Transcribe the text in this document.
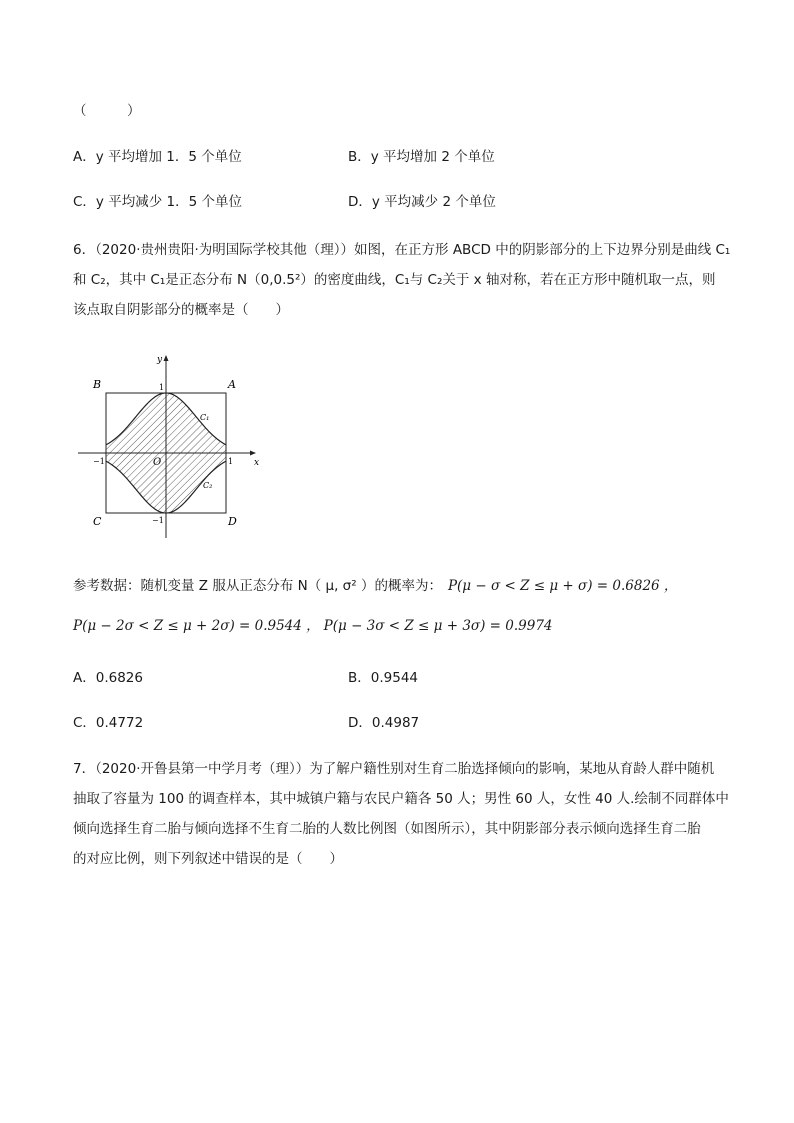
（　　　）
A．y 平均增加 1．5 个单位	B．y 平均增加 2 个单位
C．y 平均减少 1．5 个单位	D．y 平均减少 2 个单位
6．（2020·贵州贵阳·为明国际学校其他（理））如图，在正方形 ABCD 中的阴影部分的上下边界分别是曲线 C₁
和 C₂，其中 C₁是正态分布 N（0,0.5²）的密度曲线，C₁与 C₂关于 x 轴对称，若在正方形中随机取一点，则
该点取自阴影部分的概率是（　　）
y
x
B	A
C	D
O
C₁
C₂
1
−1
−1	1
参考数据：随机变量 Z 服从正态分布 N（ μ, σ² ）的概率为： P(μ − σ < Z ≤ μ + σ) = 0.6826 ，
P(μ − 2σ < Z ≤ μ + 2σ) = 0.9544 ， P(μ − 3σ < Z ≤ μ + 3σ) = 0.9974
A．0.6826	B．0.9544
C．0.4772	D．0.4987
7．（2020·开鲁县第一中学月考（理））为了解户籍性别对生育二胎选择倾向的影响，某地从育龄人群中随机
抽取了容量为 100 的调查样本，其中城镇户籍与农民户籍各 50 人；男性 60 人，女性 40 人.绘制不同群体中
倾向选择生育二胎与倾向选择不生育二胎的人数比例图（如图所示），其中阴影部分表示倾向选择生育二胎
的对应比例，则下列叙述中错误的是（　　）
